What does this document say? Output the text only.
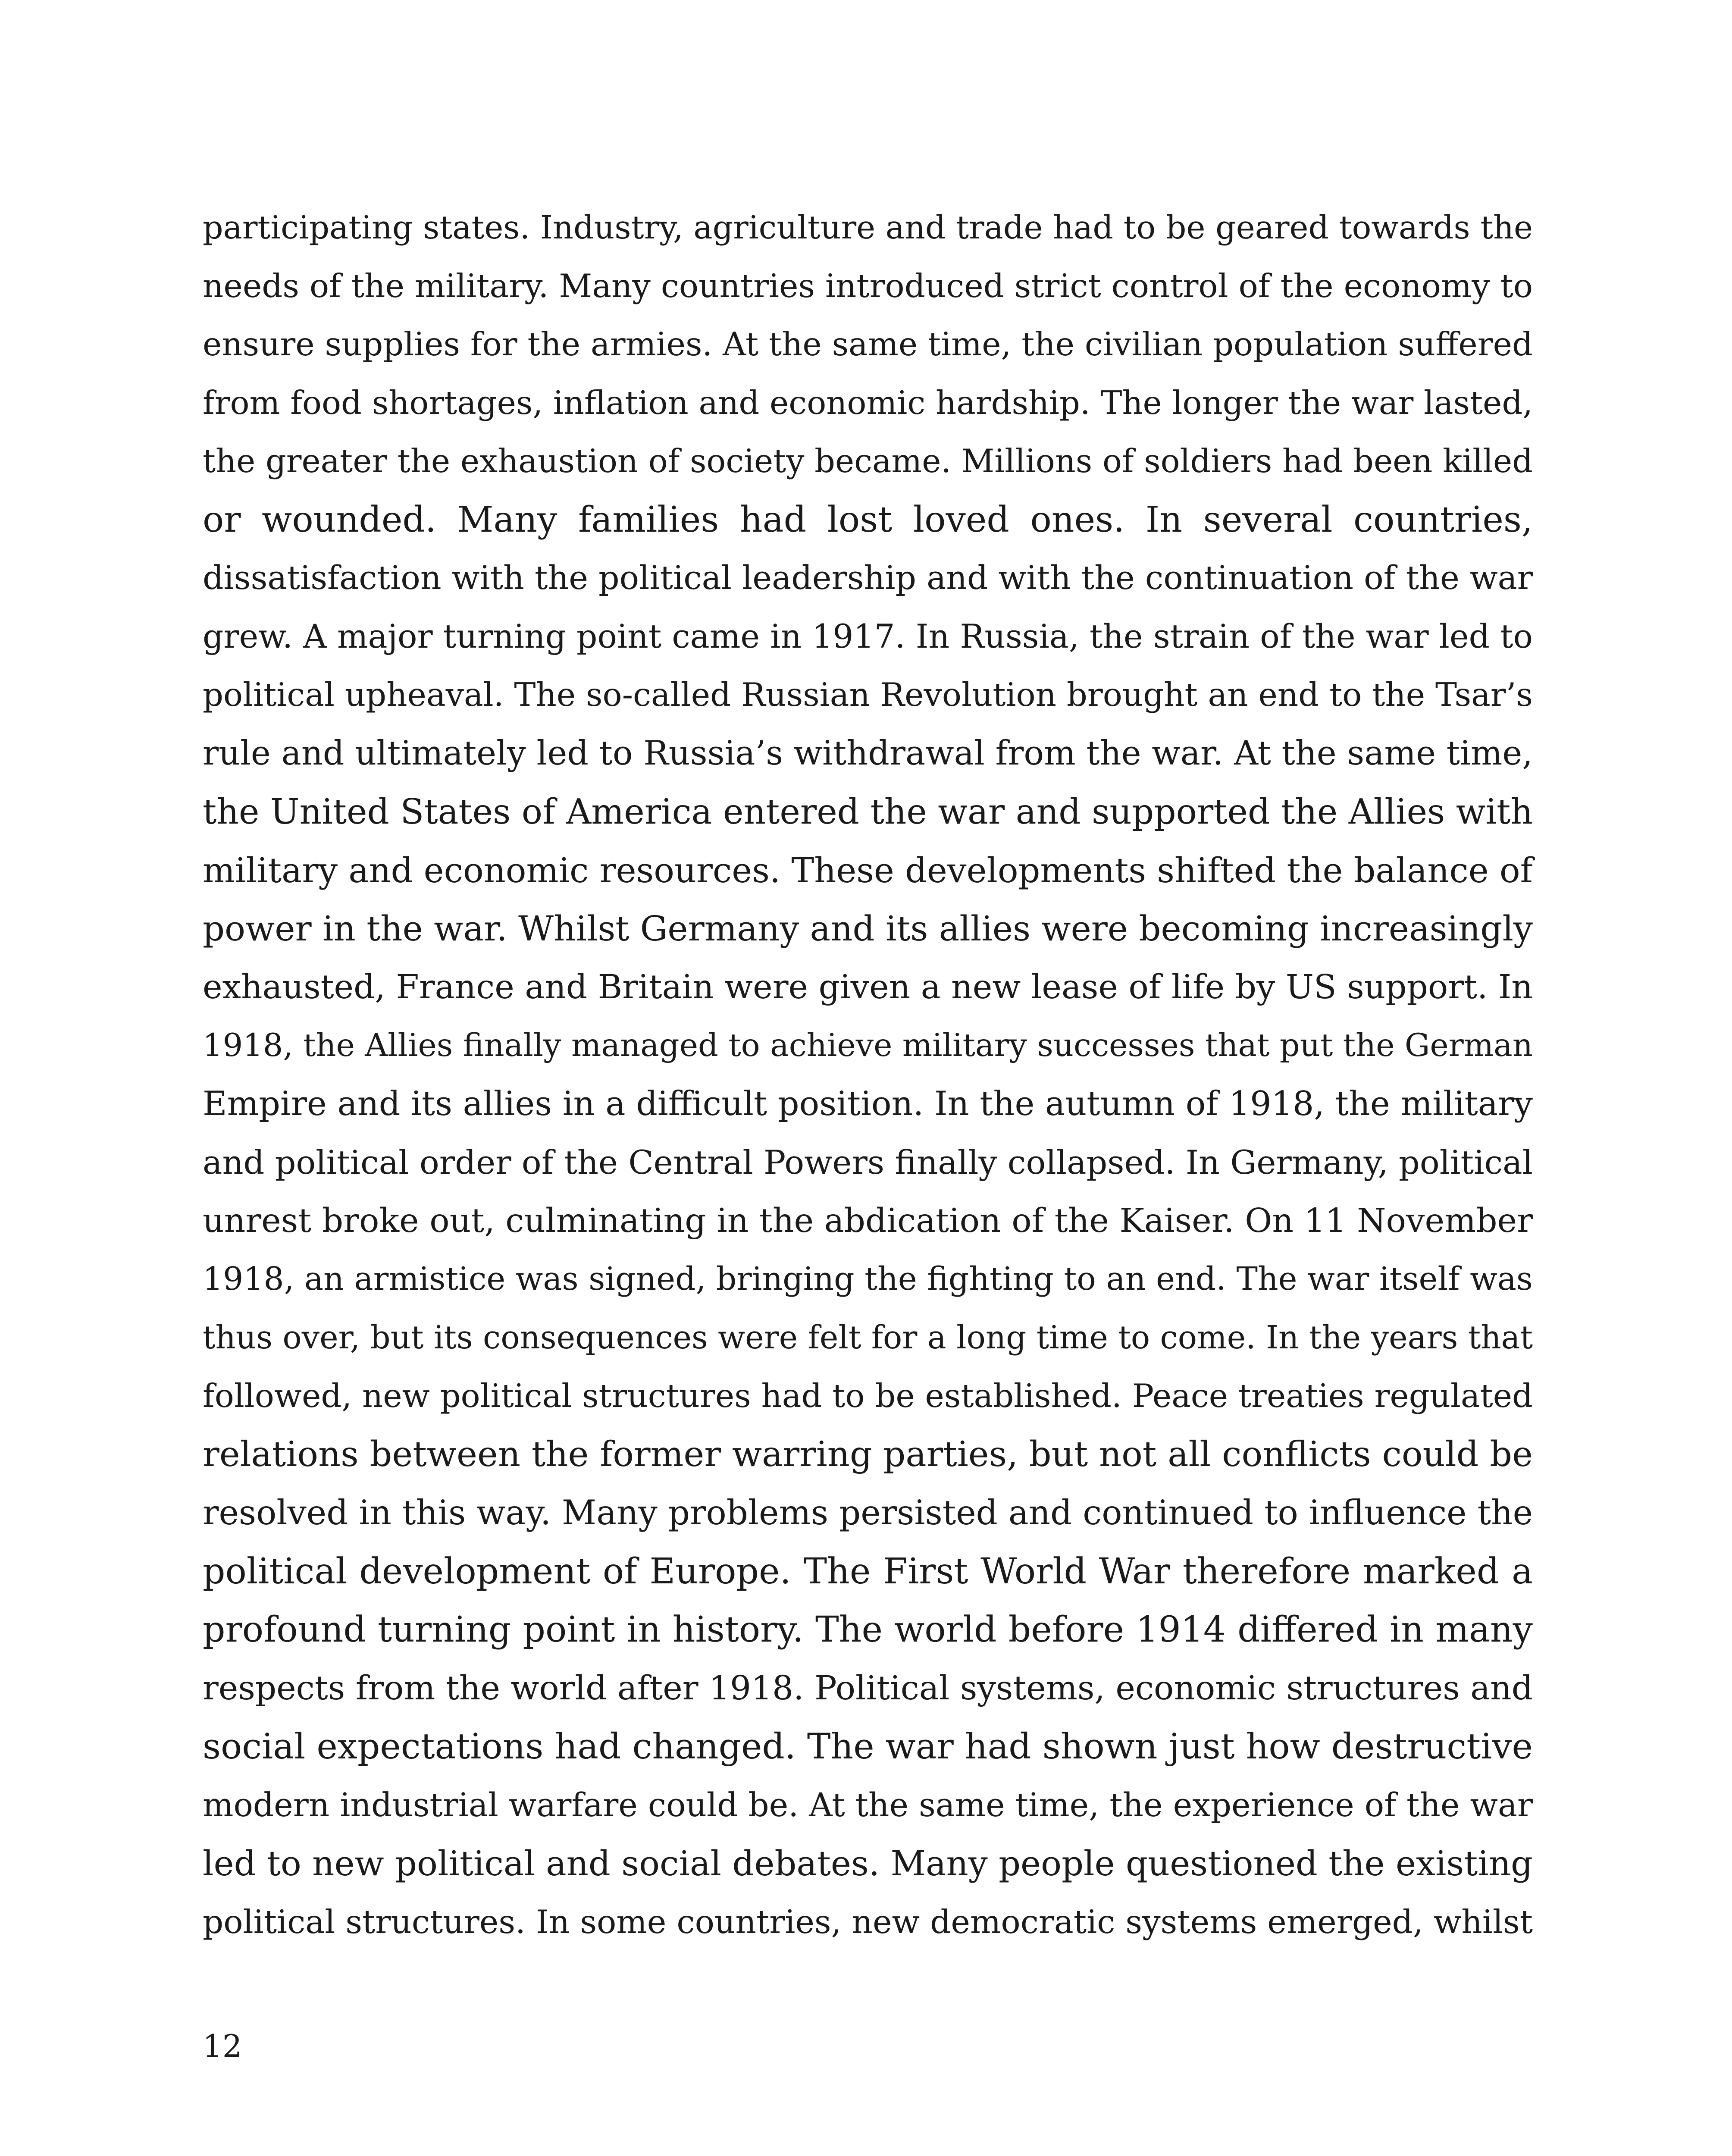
participating states. Industry, agriculture and trade had to be geared towards the
needs of the military. Many countries introduced strict control of the economy to
ensure supplies for the armies. At the same time, the civilian population suffered
from food shortages, inflation and economic hardship. The longer the war lasted,
the greater the exhaustion of society became. Millions of soldiers had been killed
or wounded. Many families had lost loved ones. In several countries,
dissatisfaction with the political leadership and with the continuation of the war
grew. A major turning point came in 1917. In Russia, the strain of the war led to
political upheaval. The so-called Russian Revolution brought an end to the Tsar’s
rule and ultimately led to Russia’s withdrawal from the war. At the same time,
the United States of America entered the war and supported the Allies with
military and economic resources. These developments shifted the balance of
power in the war. Whilst Germany and its allies were becoming increasingly
exhausted, France and Britain were given a new lease of life by US support. In
1918, the Allies finally managed to achieve military successes that put the German
Empire and its allies in a difficult position. In the autumn of 1918, the military
and political order of the Central Powers finally collapsed. In Germany, political
unrest broke out, culminating in the abdication of the Kaiser. On 11 November
1918, an armistice was signed, bringing the fighting to an end. The war itself was
thus over, but its consequences were felt for a long time to come. In the years that
followed, new political structures had to be established. Peace treaties regulated
relations between the former warring parties, but not all conflicts could be
resolved in this way. Many problems persisted and continued to influence the
political development of Europe. The First World War therefore marked a
profound turning point in history. The world before 1914 differed in many
respects from the world after 1918. Political systems, economic structures and
social expectations had changed. The war had shown just how destructive
modern industrial warfare could be. At the same time, the experience of the war
led to new political and social debates. Many people questioned the existing
political structures. In some countries, new democratic systems emerged, whilst
12
